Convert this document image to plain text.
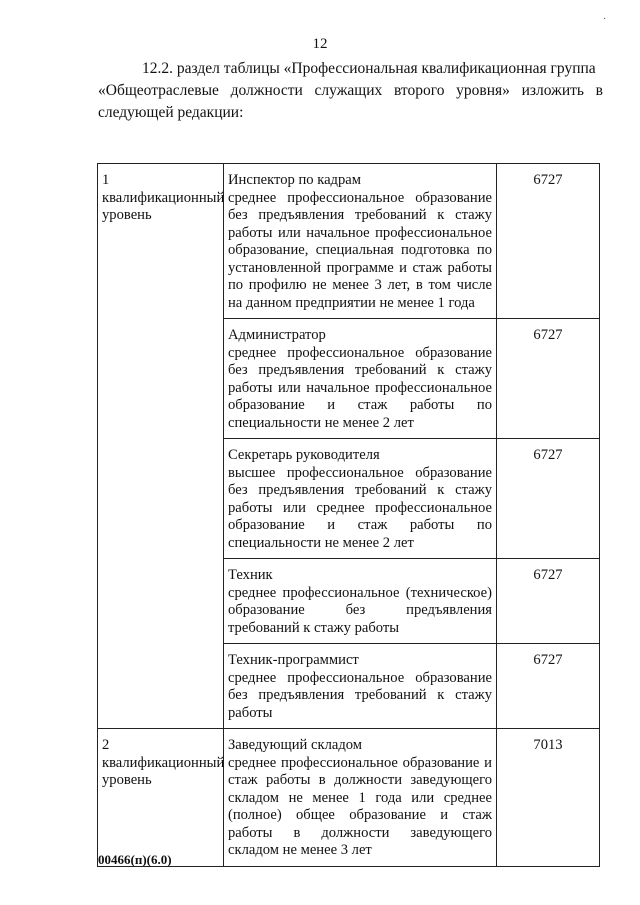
·
12
12.2. раздел таблицы «Профессиональная квалификационная группа
«Общеотраслевые должности служащих второго уровня» изложить в следующей редакции:
1
квалификационный уровень	Инспектор по кадрам
среднее профессиональное образование без предъявления требований к стажу работы или начальное профессиональное образование, специальная подготовка по установленной программе и стаж работы по профилю не менее 3 лет, в том числе на данном предприятии не менее 1 года	6727

	Администратор
среднее профессиональное образование без предъявления требований к стажу работы или начальное профессиональное образование и стаж работы по специальности не менее 2 лет	6727

	Секретарь руководителя
высшее профессиональное образование без предъявления требований к стажу работы или среднее профессиональное образование и стаж работы по специальности не менее 2 лет	6727

	Техник
среднее профессиональное (техническое) образование без предъявления требований к стажу работы	6727

	Техник-программист
среднее профессиональное образование без предъявления требований к стажу работы	6727

2
квалификационный уровень	Заведующий складом
среднее профессиональное образование и стаж работы в должности заведующего складом не менее 1 года или среднее (полное) общее образование и стаж работы в должности заведующего складом не менее 3 лет	7013
00466(п)(6.0)
